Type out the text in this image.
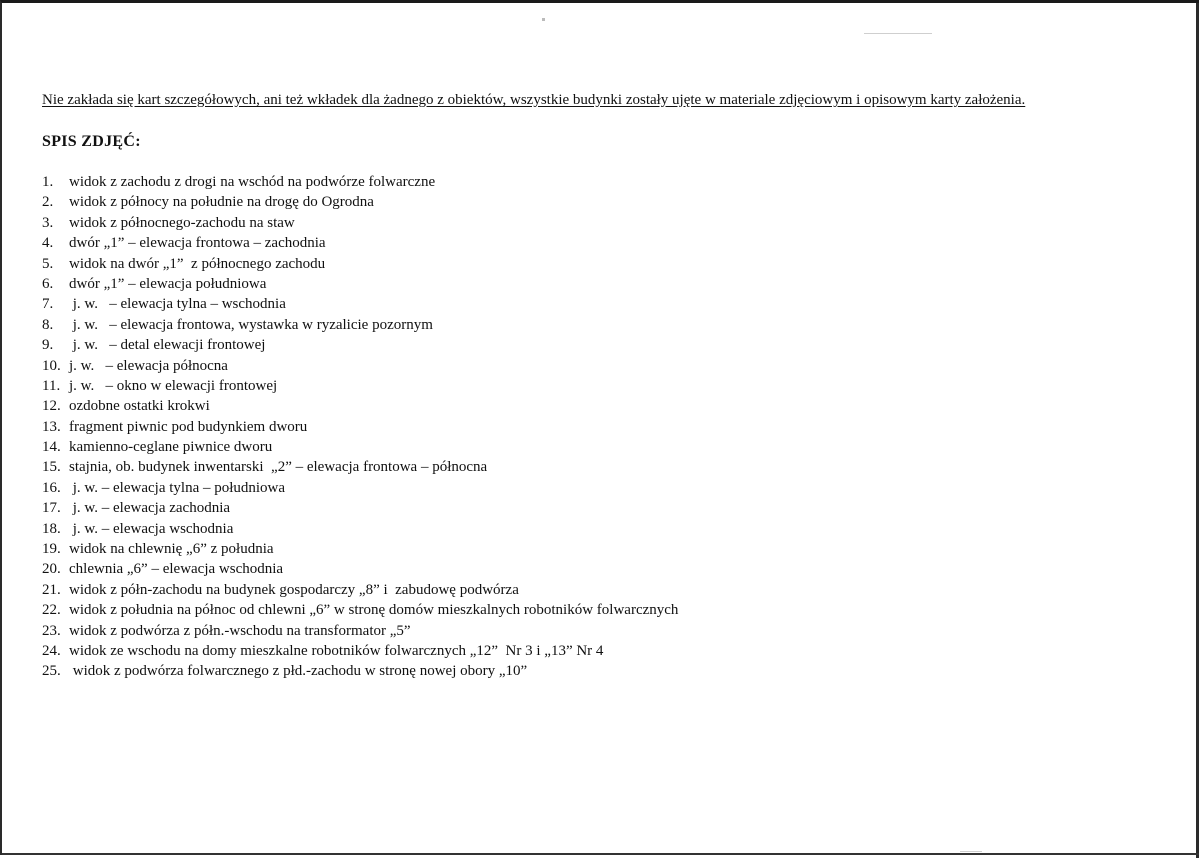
Nie zakłada się kart szczegółowych, ani też wkładek dla żadnego z obiektów, wszystkie budynki zostały ujęte w materiale zdjęciowym i opisowym karty założenia.
SPIS ZDJĘĆ:
1. widok z zachodu z drogi na wschód na podwórze folwarczne
2. widok z północy na południe na drogę do Ogrodna
3. widok z północnego-zachodu na staw
4. dwór „1” – elewacja frontowa – zachodnia
5. widok na dwór „1”  z północnego zachodu
6. dwór „1” – elewacja południowa
7. j. w.   – elewacja tylna – wschodnia
8. j. w.   – elewacja frontowa, wystawka w ryzalicie pozornym
9. j. w.   – detal elewacji frontowej
10. j. w.   – elewacja północna
11. j. w.   – okno w elewacji frontowej
12. ozdobne ostatki krokwi
13. fragment piwnic pod budynkiem dworu
14. kamienno-ceglane piwnice dworu
15. stajnia, ob. budynek inwentarski  „2” – elewacja frontowa – północna
16. j. w. – elewacja tylna – południowa
17. j. w. – elewacja zachodnia
18. j. w. – elewacja wschodnia
19. widok na chlewnię „6” z południa
20. chlewnia „6” – elewacja wschodnia
21. widok z półn-zachodu na budynek gospodarczy „8” i  zabudowę podwórza
22. widok z południa na północ od chlewni „6” w stronę domów mieszkalnych robotników folwarcznych
23. widok z podwórza z półn.-wschodu na transformator „5”
24. widok ze wschodu na domy mieszkalne robotników folwarcznych „12”  Nr 3 i „13” Nr 4
25. widok z podwórza folwarcznego z płd.-zachodu w stronę nowej obory „10”
